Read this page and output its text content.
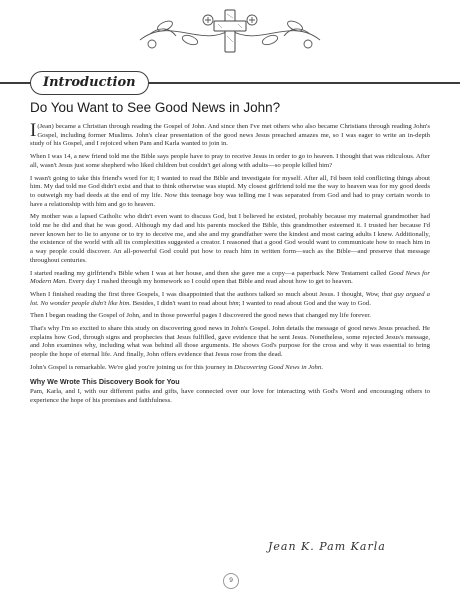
Introduction
Do You Want to See Good News in John?

I(Jean) became a Christian through reading the Gospel of John. And since then I've met others who also became Christians through reading John's Gospel, including former Muslims. John's clear presentation of the good news Jesus preached amazes me, so I was eager to write an in-depth study of his Gospel, and I rejoiced when Pam and Karla wanted to join in.

When I was 14, a new friend told me the Bible says people have to pray to receive Jesus in order to go to heaven. I thought that was ridiculous. After all, wasn't Jesus just some shepherd who liked children but couldn't get along with adults—so people killed him?

I wasn't going to take this friend's word for it; I wanted to read the Bible and investigate for myself. After all, I'd been told conflicting things about him. My dad told me God didn't exist and that to think otherwise was stupid. My closest girlfriend told me the way to heaven was for my good deeds to outweigh my bad deeds at the end of my life. Now this teenage boy was telling me I was separated from God and had to pray certain words to have a relationship with him and go to heaven.

My mother was a lapsed Catholic who didn't even want to discuss God, but I believed he existed, probably because my maternal grandmother had told me he did and that he was good. Although my dad and his parents mocked the Bible, this grandmother esteemed it. I trusted her because I'd never known her to lie to anyone or to try to deceive me, and she and my grandfather were the kindest and most caring adults I knew. Additionally, the existence of the world with all its complexities suggested a creator. I reasoned that a good God would want to communicate how to reach him in a way people could discover. An all-powerful God could put how to reach him in written form—such as the Bible—and preserve that message throughout centuries.

I started reading my girlfriend's Bible when I was at her house, and then she gave me a copy—a paperback New Testament called Good News for Modern Man. Every day I rushed through my homework so I could open that Bible and read about how to get to heaven.

When I finished reading the first three Gospels, I was disappointed that the authors talked so much about Jesus. I thought, Wow, that guy argued a lot. No wonder people didn't like him. Besides, I didn't want to read about him; I wanted to read about God and the way to God.

Then I began reading the Gospel of John, and in those powerful pages I discovered the good news that changed my life forever.

That's why I'm so excited to share this study on discovering good news in John's Gospel. John details the message of good news Jesus preached. He explains how God, through signs and prophecies that Jesus fulfilled, gave evidence that he sent Jesus. Nonetheless, some rejected Jesus's message, and John examines why, including what was behind all those arguments. He shows God's purpose for the cross and why it was essential to bring people the hope of eternal life. And finally, John offers evidence that Jesus rose from the dead.

John's Gospel is remarkable. We're glad you're joining us for this journey in Discovering Good News in John.

Why We Wrote This Discovery Book for You

Pam, Karla, and I, with our different paths and gifts, have connected over our love for interacting with God's Word and encouraging others to experience the hope of his promises and faithfulness.

Jean K. Pam Karla
9
